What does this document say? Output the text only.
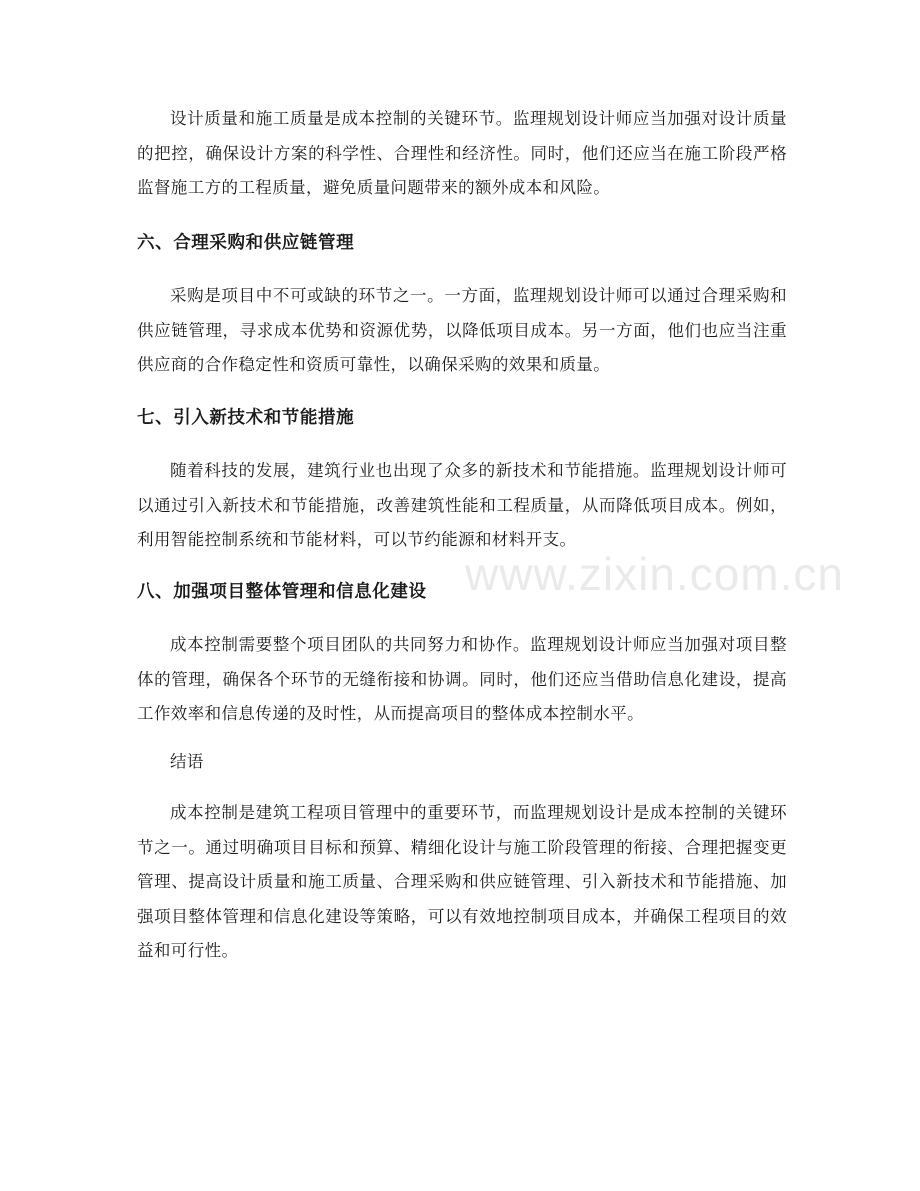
设计质量和施工质量是成本控制的关键环节。监理规划设计师应当加强对设计质量的把控，确保设计方案的科学性、合理性和经济性。同时，他们还应当在施工阶段严格监督施工方的工程质量，避免质量问题带来的额外成本和风险。

六、合理采购和供应链管理

采购是项目中不可或缺的环节之一。一方面，监理规划设计师可以通过合理采购和供应链管理，寻求成本优势和资源优势，以降低项目成本。另一方面，他们也应当注重供应商的合作稳定性和资质可靠性，以确保采购的效果和质量。

七、引入新技术和节能措施

随着科技的发展，建筑行业也出现了众多的新技术和节能措施。监理规划设计师可以通过引入新技术和节能措施，改善建筑性能和工程质量，从而降低项目成本。例如，利用智能控制系统和节能材料，可以节约能源和材料开支。

八、加强项目整体管理和信息化建设

成本控制需要整个项目团队的共同努力和协作。监理规划设计师应当加强对项目整体的管理，确保各个环节的无缝衔接和协调。同时，他们还应当借助信息化建设，提高工作效率和信息传递的及时性，从而提高项目的整体成本控制水平。

结语

成本控制是建筑工程项目管理中的重要环节，而监理规划设计是成本控制的关键环节之一。通过明确项目目标和预算、精细化设计与施工阶段管理的衔接、合理把握变更管理、提高设计质量和施工质量、合理采购和供应链管理、引入新技术和节能措施、加强项目整体管理和信息化建设等策略，可以有效地控制项目成本，并确保工程项目的效益和可行性。

www.zixin.com.cn
